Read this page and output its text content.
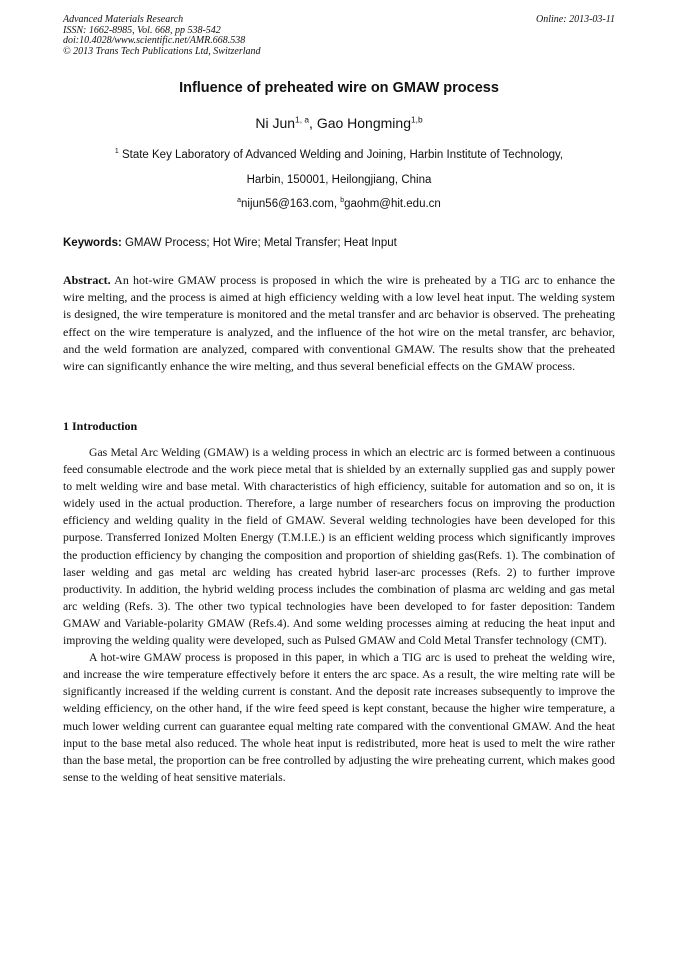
Advanced Materials Research
ISSN: 1662-8985, Vol. 668, pp 538-542
doi:10.4028/www.scientific.net/AMR.668.538
© 2013 Trans Tech Publications Ltd, Switzerland
Online: 2013-03-11
Influence of preheated wire on GMAW process
Ni Jun$^{1, a}$, Gao Hongming$^{1,b}$
$^1$ State Key Laboratory of Advanced Welding and Joining, Harbin Institute of Technology,
Harbin, 150001, Heilongjiang, China
$^a$nijun56@163.com, $^b$gaohm@hit.edu.cn
Keywords: GMAW Process; Hot Wire; Metal Transfer; Heat Input
Abstract. An hot-wire GMAW process is proposed in which the wire is preheated by a TIG arc to enhance the wire melting, and the process is aimed at high efficiency welding with a low level heat input. The welding system is designed, the wire temperature is monitored and the metal transfer and arc behavior is observed. The preheating effect on the wire temperature is analyzed, and the influence of the hot wire on the metal transfer, arc behavior, and the weld formation are analyzed, compared with conventional GMAW. The results show that the preheated wire can significantly enhance the wire melting, and thus several beneficial effects on the GMAW process.
1 Introduction

Gas Metal Arc Welding (GMAW) is a welding process in which an electric arc is formed between a continuous feed consumable electrode and the work piece metal that is shielded by an externally supplied gas and supply power to melt welding wire and base metal. With characteristics of high efficiency, suitable for automation and so on, it is widely used in the actual production. Therefore, a large number of researchers focus on improving the production efficiency and welding quality in the field of GMAW. Several welding technologies have been developed for this purpose. Transferred Ionized Molten Energy (T.M.I.E.) is an efficient welding process which significantly improves the production efficiency by changing the composition and proportion of shielding gas(Refs. 1). The combination of laser welding and gas metal arc welding has created hybrid laser-arc processes (Refs. 2) to further improve productivity. In addition, the hybrid welding process includes the combination of plasma arc welding and gas metal arc welding (Refs. 3). The other two typical technologies have been developed to for faster deposition: Tandem GMAW and Variable-polarity GMAW (Refs.4). And some welding processes aiming at reducing the heat input and improving the welding quality were developed, such as Pulsed GMAW and Cold Metal Transfer technology (CMT).

A hot-wire GMAW process is proposed in this paper, in which a TIG arc is used to preheat the welding wire, and increase the wire temperature effectively before it enters the arc space. As a result, the wire melting rate will be significantly increased if the welding current is constant. And the deposit rate increases subsequently to improve the welding efficiency, on the other hand, if the wire feed speed is kept constant, because the higher wire temperature, a much lower welding current can guarantee equal melting rate compared with the conventional GMAW. And the heat input to the base metal also reduced. The whole heat input is redistributed, more heat is used to melt the wire rather than the base metal, the proportion can be free controlled by adjusting the wire preheating current, which makes good sense to the welding of heat sensitive materials.
